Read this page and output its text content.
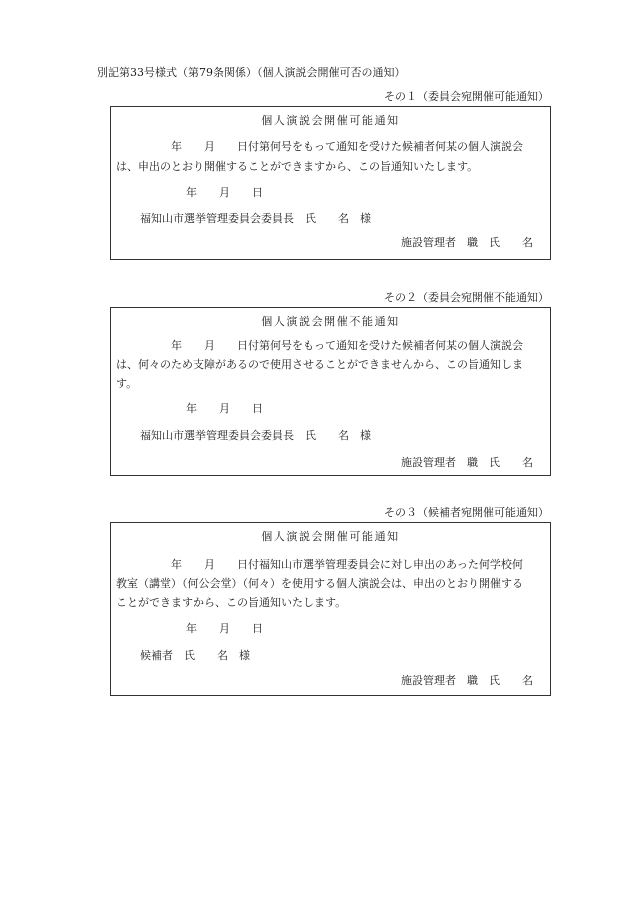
別記第33号様式（第79条関係）（個人演説会開催可否の通知）
その１（委員会宛開催可能通知）
個人演説会開催可能通知
　　　　　年　　月　　日付第何号をもって通知を受けた候補者何某の個人演説会
は、申出のとおり開催することができますから、この旨通知いたします。
年　　月　　日
福知山市選挙管理委員会委員長　氏　　名　様
施設管理者　職　氏　　名
その２（委員会宛開催不能通知）
個人演説会開催不能通知
　　　　　年　　月　　日付第何号をもって通知を受けた候補者何某の個人演説会
は、何々のため支障があるので使用させることができませんから、この旨通知しま
す。
年　　月　　日
福知山市選挙管理委員会委員長　氏　　名　様
施設管理者　職　氏　　名
その３（候補者宛開催可能通知）
個人演説会開催可能通知
　　　　　年　　月　　日付福知山市選挙管理委員会に対し申出のあった何学校何
教室（講堂）（何公会堂）（何々）を使用する個人演説会は、申出のとおり開催する
ことができますから、この旨通知いたします。
年　　月　　日
候補者　氏　　名　様
施設管理者　職　氏　　名
